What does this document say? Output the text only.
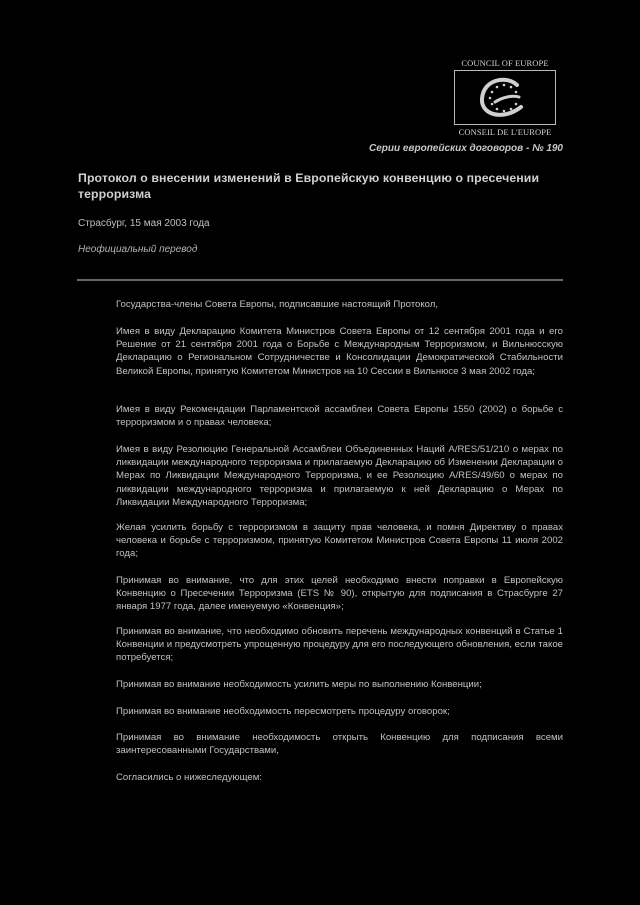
COUNCIL OF EUROPE
CONSEIL DE L'EUROPE
Серии европейских договоров - № 190
Протокол о внесении изменений в Европейскую конвенцию о пресечении терроризма
Страсбург, 15 мая 2003 года
Неофициальный перевод

Государства-члены Совета Европы, подписавшие настоящий Протокол,

Имея в виду Декларацию Комитета Министров Совета Европы от 12 сентября 2001 года и его Решение от 21 сентября 2001 года о Борьбе с Международным Терроризмом, и Вильнюсскую Декларацию о Региональном Сотрудничестве и Консолидации Демократической Стабильности Великой Европы, принятую Комитетом Министров на 10 Сессии в Вильнюсе 3 мая 2002 года;

Имея в виду Рекомендации Парламентской ассамблеи Совета Европы 1550 (2002) о борьбе с терроризмом и о правах человека;

Имея в виду Резолюцию Генеральной Ассамблеи Объединенных Наций A/RES/51/210 о мерах по ликвидации международного терроризма и прилагаемую Декларацию об Изменении Декларации о Мерах по Ликвидации Международного Терроризма, и ее Резолюцию A/RES/49/60 о мерах по ликвидации международного терроризма и прилагаемую к ней Декларацию о Мерах по Ликвидации Международного Терроризма;

Желая усилить борьбу с терроризмом в защиту прав человека, и помня Директиву о правах человека и борьбе с терроризмом, принятую Комитетом Министров Совета Европы 11 июля 2002 года;

Принимая во внимание, что для этих целей необходимо внести поправки в Европейскую Конвенцию о Пресечении Терроризма (ETS № 90), открытую для подписания в Страсбурге 27 января 1977 года, далее именуемую «Конвенция»;

Принимая во внимание, что необходимо обновить перечень международных конвенций в Статье 1 Конвенции и предусмотреть упрощенную процедуру для его последующего обновления, если такое потребуется;

Принимая во внимание необходимость усилить меры по выполнению Конвенции;

Принимая во внимание необходимость пересмотреть процедуру оговорок;

Принимая во внимание необходимость открыть Конвенцию для подписания всеми заинтересованными Государствами,

Согласились о нижеследующем:
